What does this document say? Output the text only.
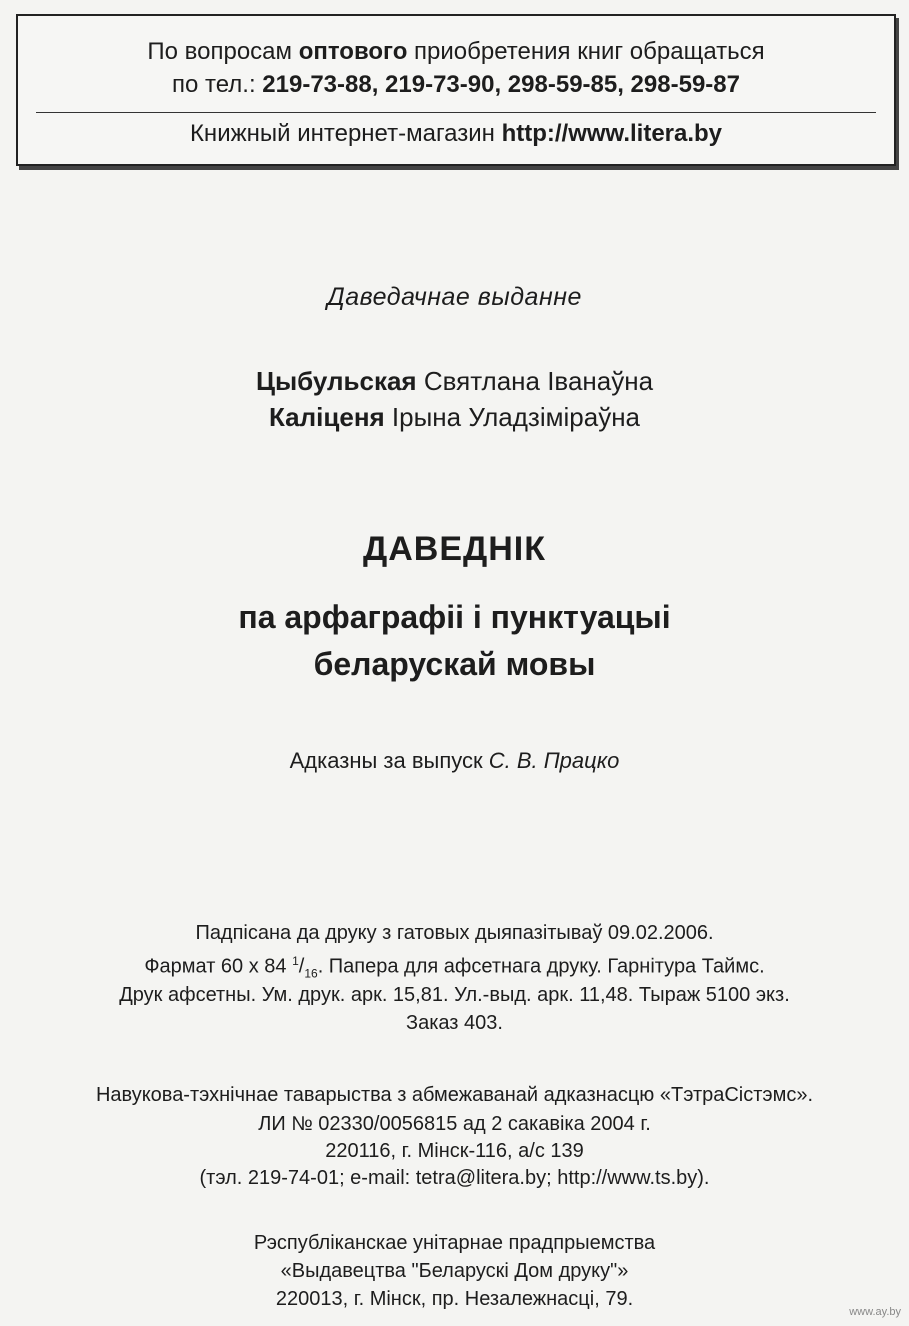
По вопросам оптового приобретения книг обращаться
по тел.: 219-73-88, 219-73-90, 298-59-85, 298-59-87
Книжный интернет-магазин http://www.litera.by
Даведачнае выданне
Цыбульская Святлана Іванаўна
Каліценя Ірына Уладзіміраўна
ДАВЕДНІК
па арфаграфіі і пунктуацыі
беларускай мовы
Адказны за выпуск С. В. Працко
Падпісана да друку з гатовых дыяпазітываў 09.02.2006.
Фармат 60 х 84 $^1/_{16}$. Папера для афсетнага друку. Гарнітура Таймс.
Друк афсетны. Ум. друк. арк. 15,81. Ул.-выд. арк. 11,48. Тыраж 5100 экз.
Заказ 403.
Навукова-тэхнічнае таварыства з абмежаванай адказнасцю «ТэтраСістэмс».
ЛИ № 02330/0056815 ад 2 сакавіка 2004 г.
220116, г. Мінск-116, а/с 139
(тэл. 219-74-01; e-mail: tetra@litera.by; http://www.ts.by).
Рэспубліканскае унітарнае прадпрыемства
«Выдавецтва "Беларускі Дом друку"»
220013, г. Мінск, пр. Незалежнасці, 79.
www.ay.by
